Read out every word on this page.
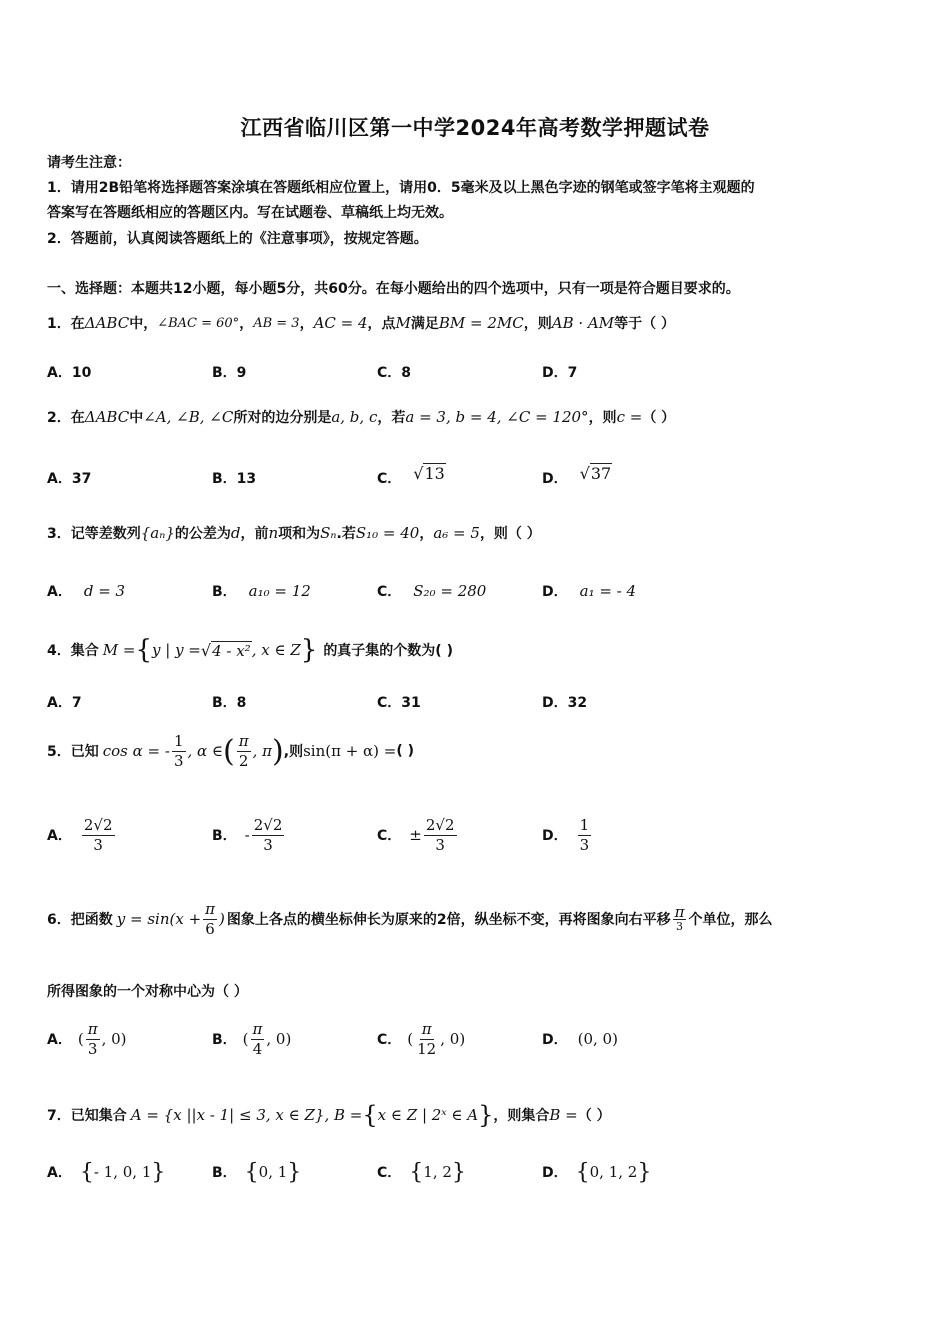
江西省临川区第一中学2024年高考数学押题试卷
请考生注意：
1．请用2B铅笔将选择题答案涂填在答题纸相应位置上，请用0．5毫米及以上黑色字迹的钢笔或签字笔将主观题的
答案写在答题纸相应的答题区内。写在试题卷、草稿纸上均无效。
2．答题前，认真阅读答题纸上的《注意事项》，按规定答题。
一、选择题：本题共12小题，每小题5分，共60分。在每小题给出的四个选项中，只有一项是符合题目要求的。
1．在 ΔABC 中， ∠BAC = 60° ， AB = 3 ， AC = 4 ，点 M 满足 BM = 2MC ，则 AB · AM 等于（ ）
A．10	B．9	C．8	D．7
2．在 ΔABC 中 ∠A, ∠B, ∠C 所对的边分别是 a, b, c ，若 a = 3, b = 4, ∠C = 120° ，则 c = （ ）
A．37	B．13	C． √13	D． √37
3．记等差数列 {aₙ} 的公差为 d ，前 n 项和为 Sₙ .若 S₁₀ = 40 ， a₆ = 5 ，则（ ）
A． d = 3	B． a₁₀ = 12	C． S₂₀ = 280	D． a₁ = - 4
4．集合 M = { y | y = √4 - x² , x ∈ Z } 的真子集的个数为( )
A．7	B．8	C．31	D．32
5．已知 cos α = - $\frac{1}{3}$ , α ∈ ( $\frac{\pi}{2}$ , π ) ,则 sin(π + α) = ( )
A． $\frac{2√2}{3}$	B． - $\frac{2√2}{3}$	C． ± $\frac{2√2}{3}$	D． $\frac{1}{3}$
6．把函数 $y = \sin(x + \frac{\pi}{6}$ ) 图象上各点的横坐标伸长为原来的2倍，纵坐标不变，再将图象向右平移 $\frac{\pi}{3}$ 个单位，那么
所得图象的一个对称中心为（ ）
A． ( $\frac{\pi}{3}$ , 0)	B． ( $\frac{\pi}{4}$ , 0)	C． ( $\frac{\pi}{12}$ , 0)	D． (0, 0)
7．已知集合 A = {x ||x - 1| ≤ 3, x ∈ Z}, B = { x ∈ Z | 2ˣ ∈ A } ，则集合 B = （ ）
A． { - 1, 0, 1 }	B． { 0, 1 }	C． { 1, 2 }	D． { 0, 1, 2 }
